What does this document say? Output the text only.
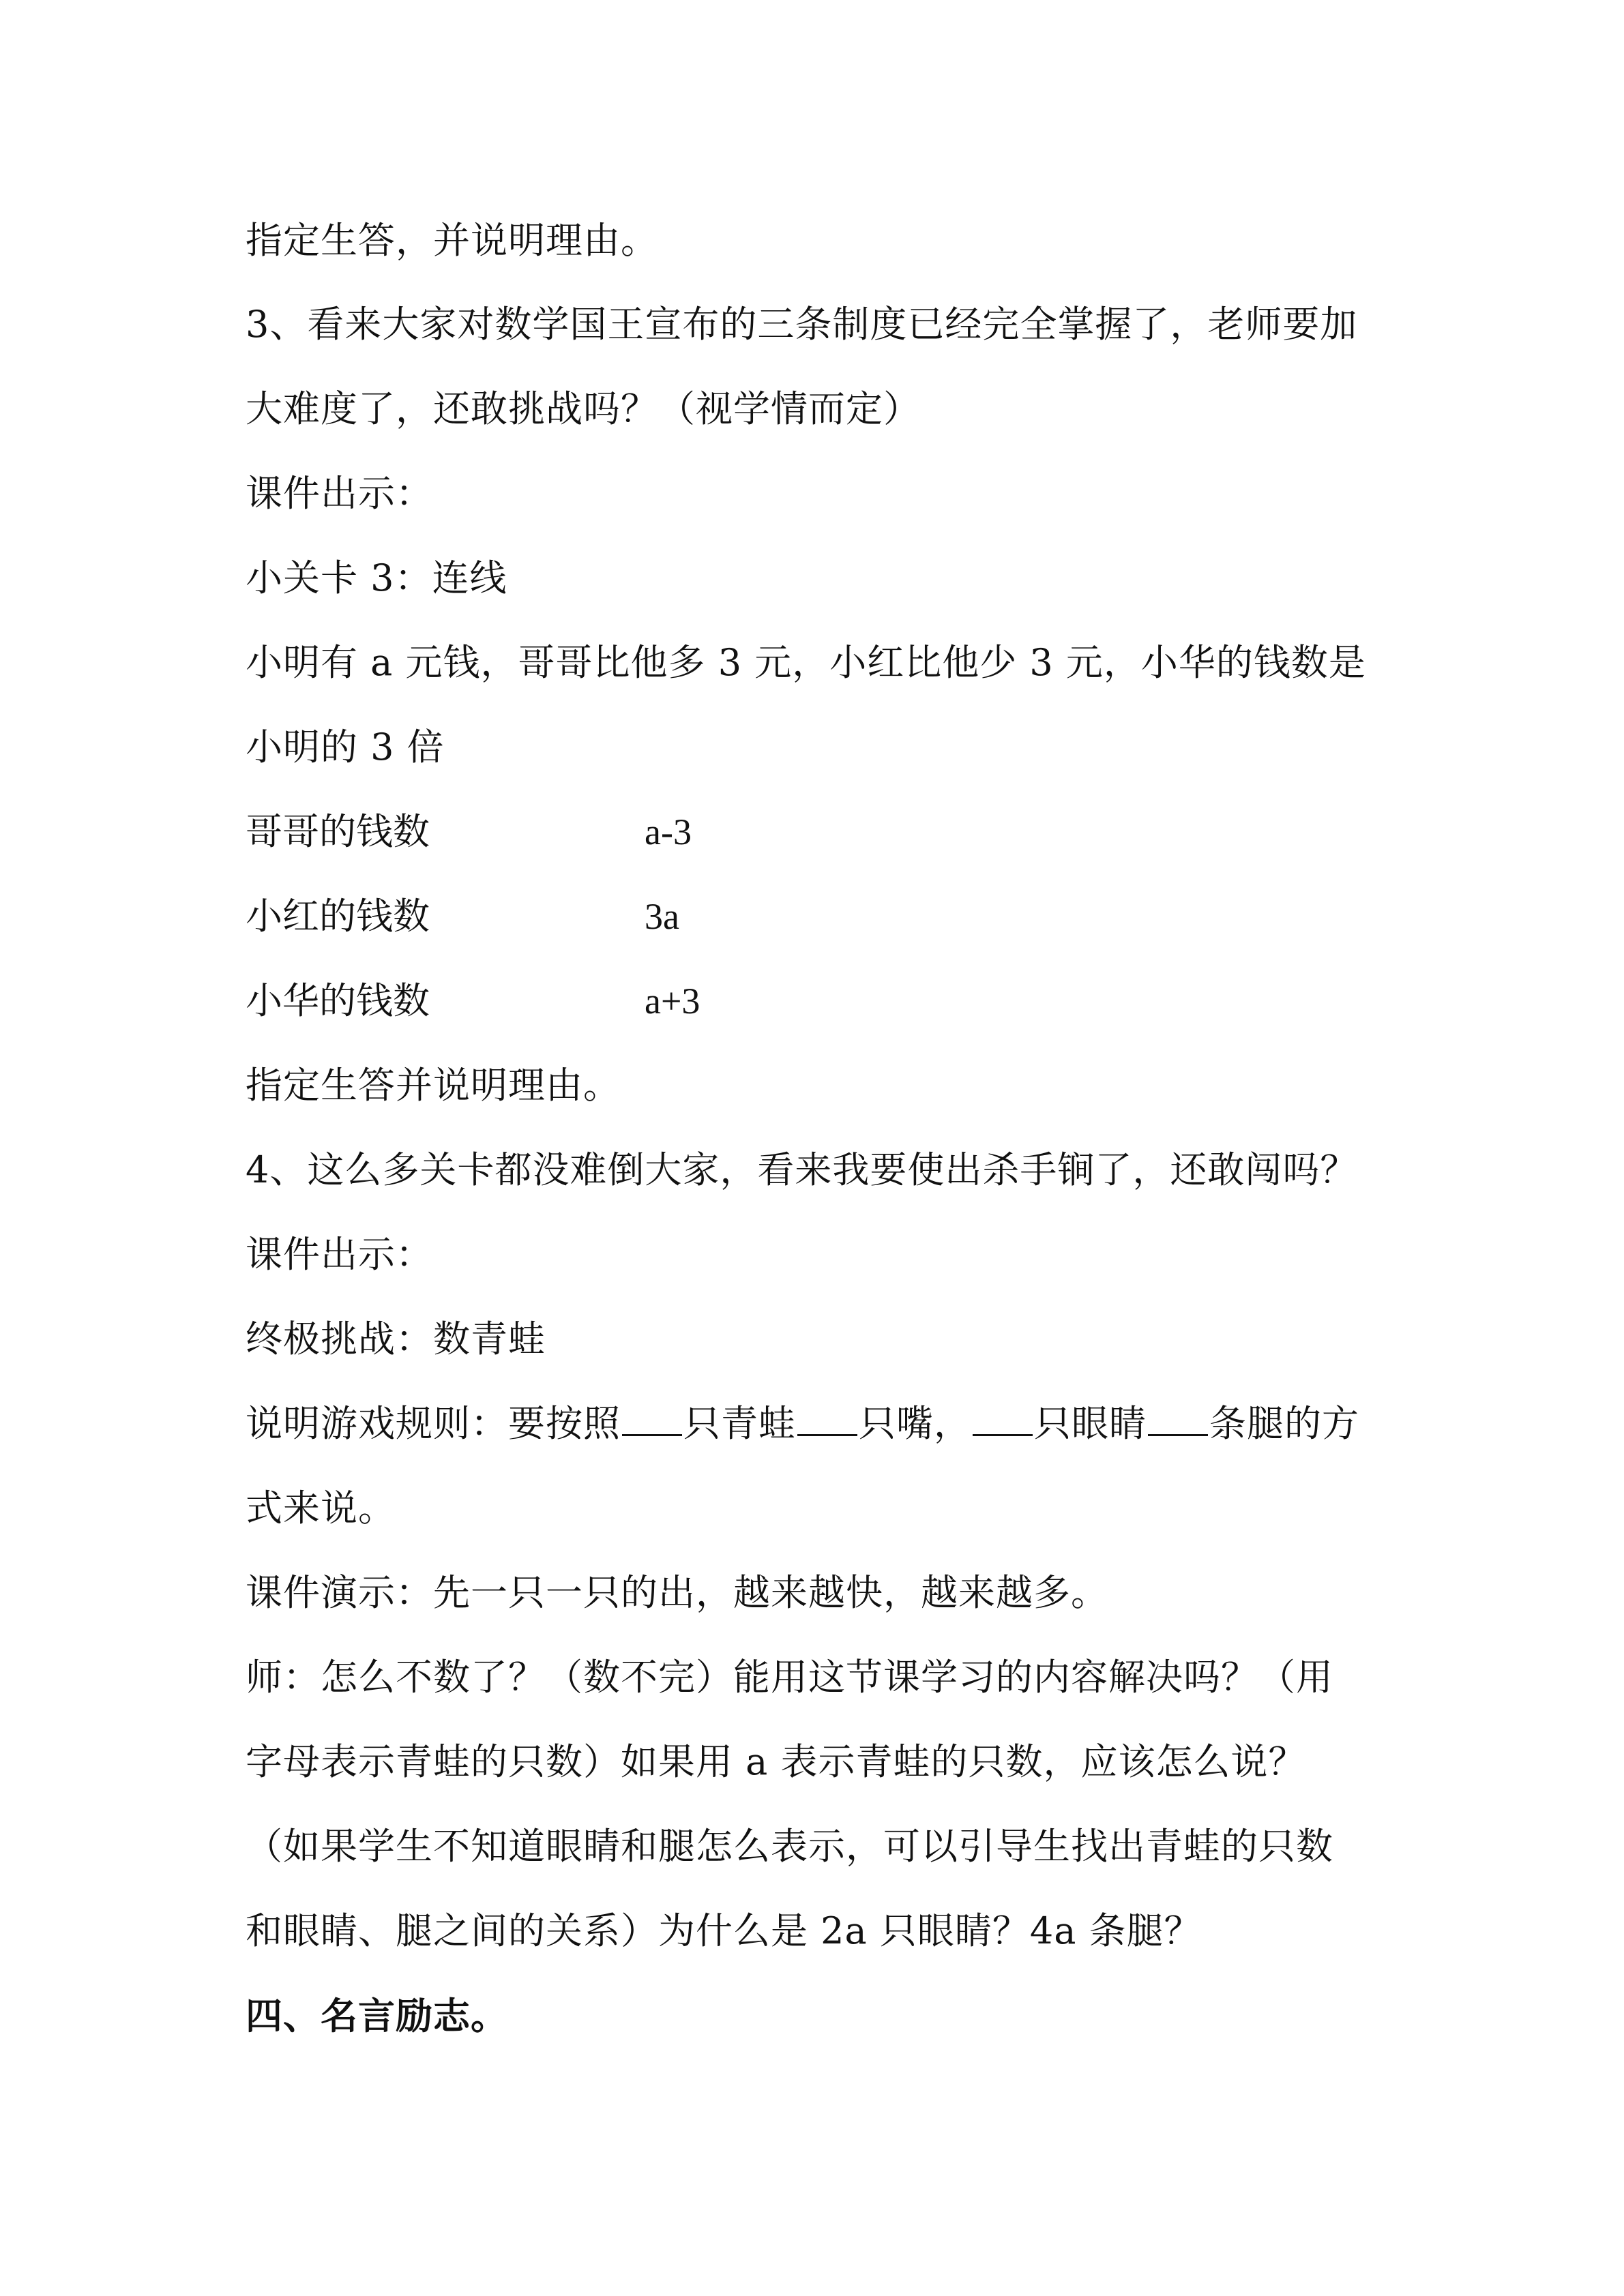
指定生答，并说明理由。
3、看来大家对数学国王宣布的三条制度已经完全掌握了，老师要加
大难度了，还敢挑战吗？（视学情而定）
课件出示：
小关卡 3：连线
小明有 a 元钱，哥哥比他多 3 元，小红比他少 3 元，小华的钱数是
小明的 3 倍
哥哥的钱数	a-3
小红的钱数	3a
小华的钱数	a+3
指定生答并说明理由。
4、这么多关卡都没难倒大家，看来我要使出杀手锏了，还敢闯吗？
课件出示：
终极挑战：数青蛙
说明游戏规则：要按照 只青蛙 只嘴， 只眼睛 条腿的方
式来说。
课件演示：先一只一只的出，越来越快，越来越多。
师：怎么不数了？（数不完）能用这节课学习的内容解决吗？（用
字母表示青蛙的只数）如果用 a 表示青蛙的只数，应该怎么说？
（如果学生不知道眼睛和腿怎么表示，可以引导生找出青蛙的只数
和眼睛、腿之间的关系）为什么是 2a 只眼睛？4a 条腿？
四、名言励志。
